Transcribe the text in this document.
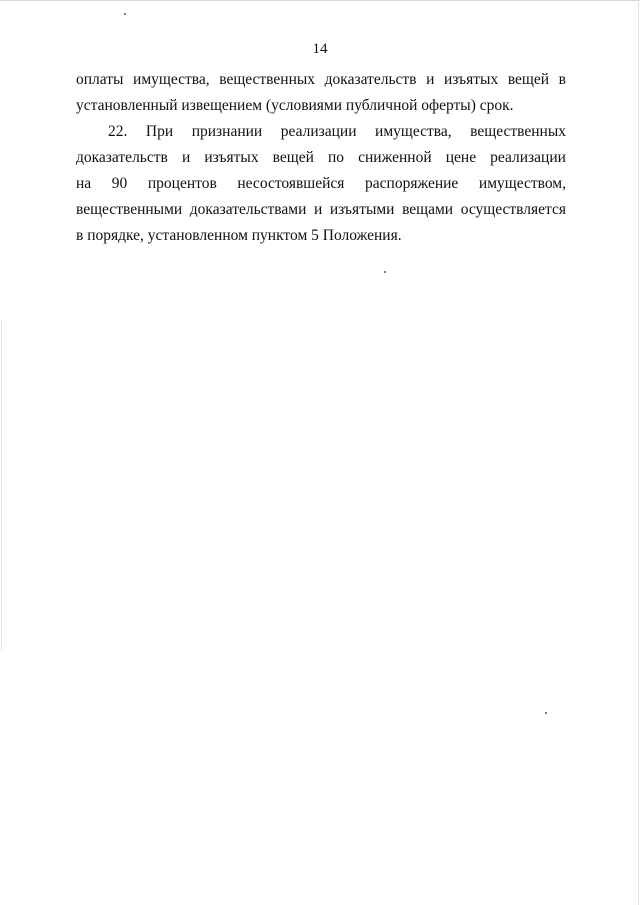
14
оплаты имущества, вещественных доказательств и изъятых вещей в
установленный извещением (условиями публичной оферты) срок.
22. При признании реализации имущества, вещественных
доказательств и изъятых вещей по сниженной цене реализации
на 90 процентов несостоявшейся распоряжение имуществом,
вещественными доказательствами и изъятыми вещами осуществляется
в порядке, установленном пунктом 5 Положения.
